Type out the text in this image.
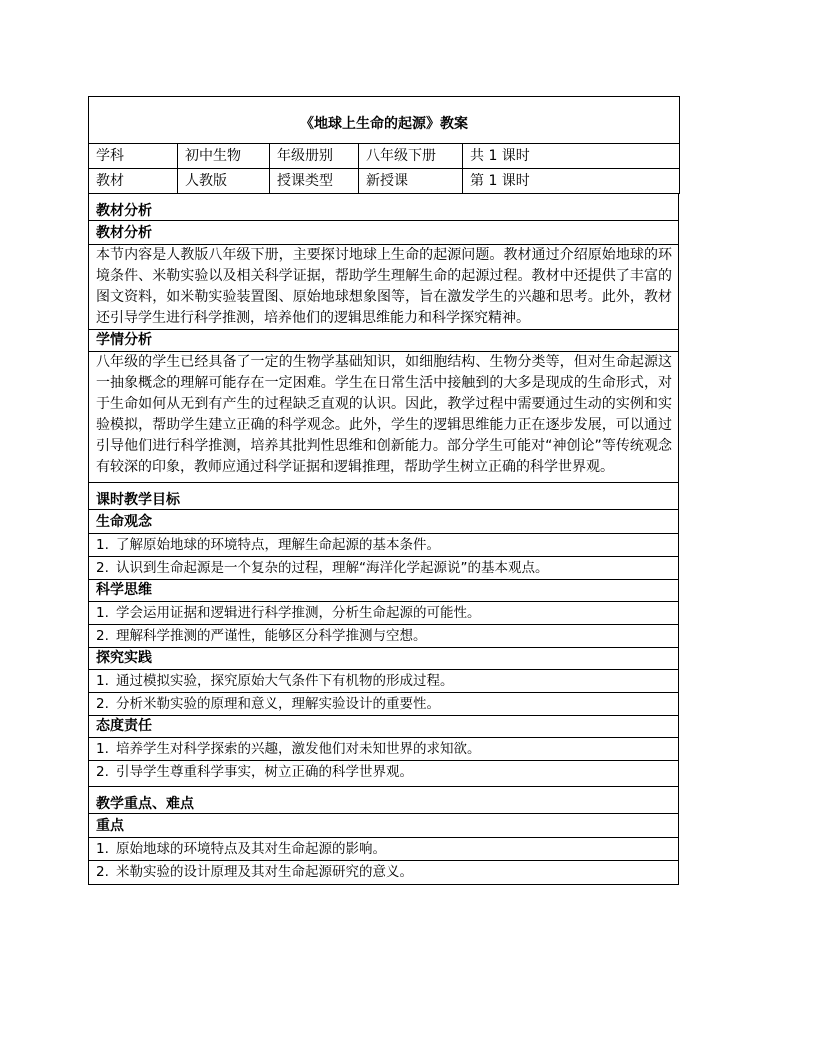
《地球上生命的起源》教案				
学科	初中生物	年级册别	八年级下册	共 1 课时
教材	人教版	授课类型	新授课	第 1 课时
教材分析
教材分析
本节内容是人教版八年级下册，主要探讨地球上生命的起源问题。教材通过介绍原始地球的环境条件、米勒实验以及相关科学证据，帮助学生理解生命的起源过程。教材中还提供了丰富的图文资料，如米勒实验装置图、原始地球想象图等，旨在激发学生的兴趣和思考。此外，教材还引导学生进行科学推测，培养他们的逻辑思维能力和科学探究精神。
学情分析
八年级的学生已经具备了一定的生物学基础知识，如细胞结构、生物分类等，但对生命起源这一抽象概念的理解可能存在一定困难。学生在日常生活中接触到的大多是现成的生命形式，对于生命如何从无到有产生的过程缺乏直观的认识。因此，教学过程中需要通过生动的实例和实验模拟，帮助学生建立正确的科学观念。此外，学生的逻辑思维能力正在逐步发展，可以通过引导他们进行科学推测，培养其批判性思维和创新能力。部分学生可能对“神创论”等传统观念有较深的印象，教师应通过科学证据和逻辑推理，帮助学生树立正确的科学世界观。
课时教学目标
生命观念
1. 了解原始地球的环境特点，理解生命起源的基本条件。
2. 认识到生命起源是一个复杂的过程，理解“海洋化学起源说”的基本观点。
科学思维
1. 学会运用证据和逻辑进行科学推测，分析生命起源的可能性。
2. 理解科学推测的严谨性，能够区分科学推测与空想。
探究实践
1. 通过模拟实验，探究原始大气条件下有机物的形成过程。
2. 分析米勒实验的原理和意义，理解实验设计的重要性。
态度责任
1. 培养学生对科学探索的兴趣，激发他们对未知世界的求知欲。
2. 引导学生尊重科学事实，树立正确的科学世界观。
教学重点、难点
重点
1. 原始地球的环境特点及其对生命起源的影响。
2. 米勒实验的设计原理及其对生命起源研究的意义。
